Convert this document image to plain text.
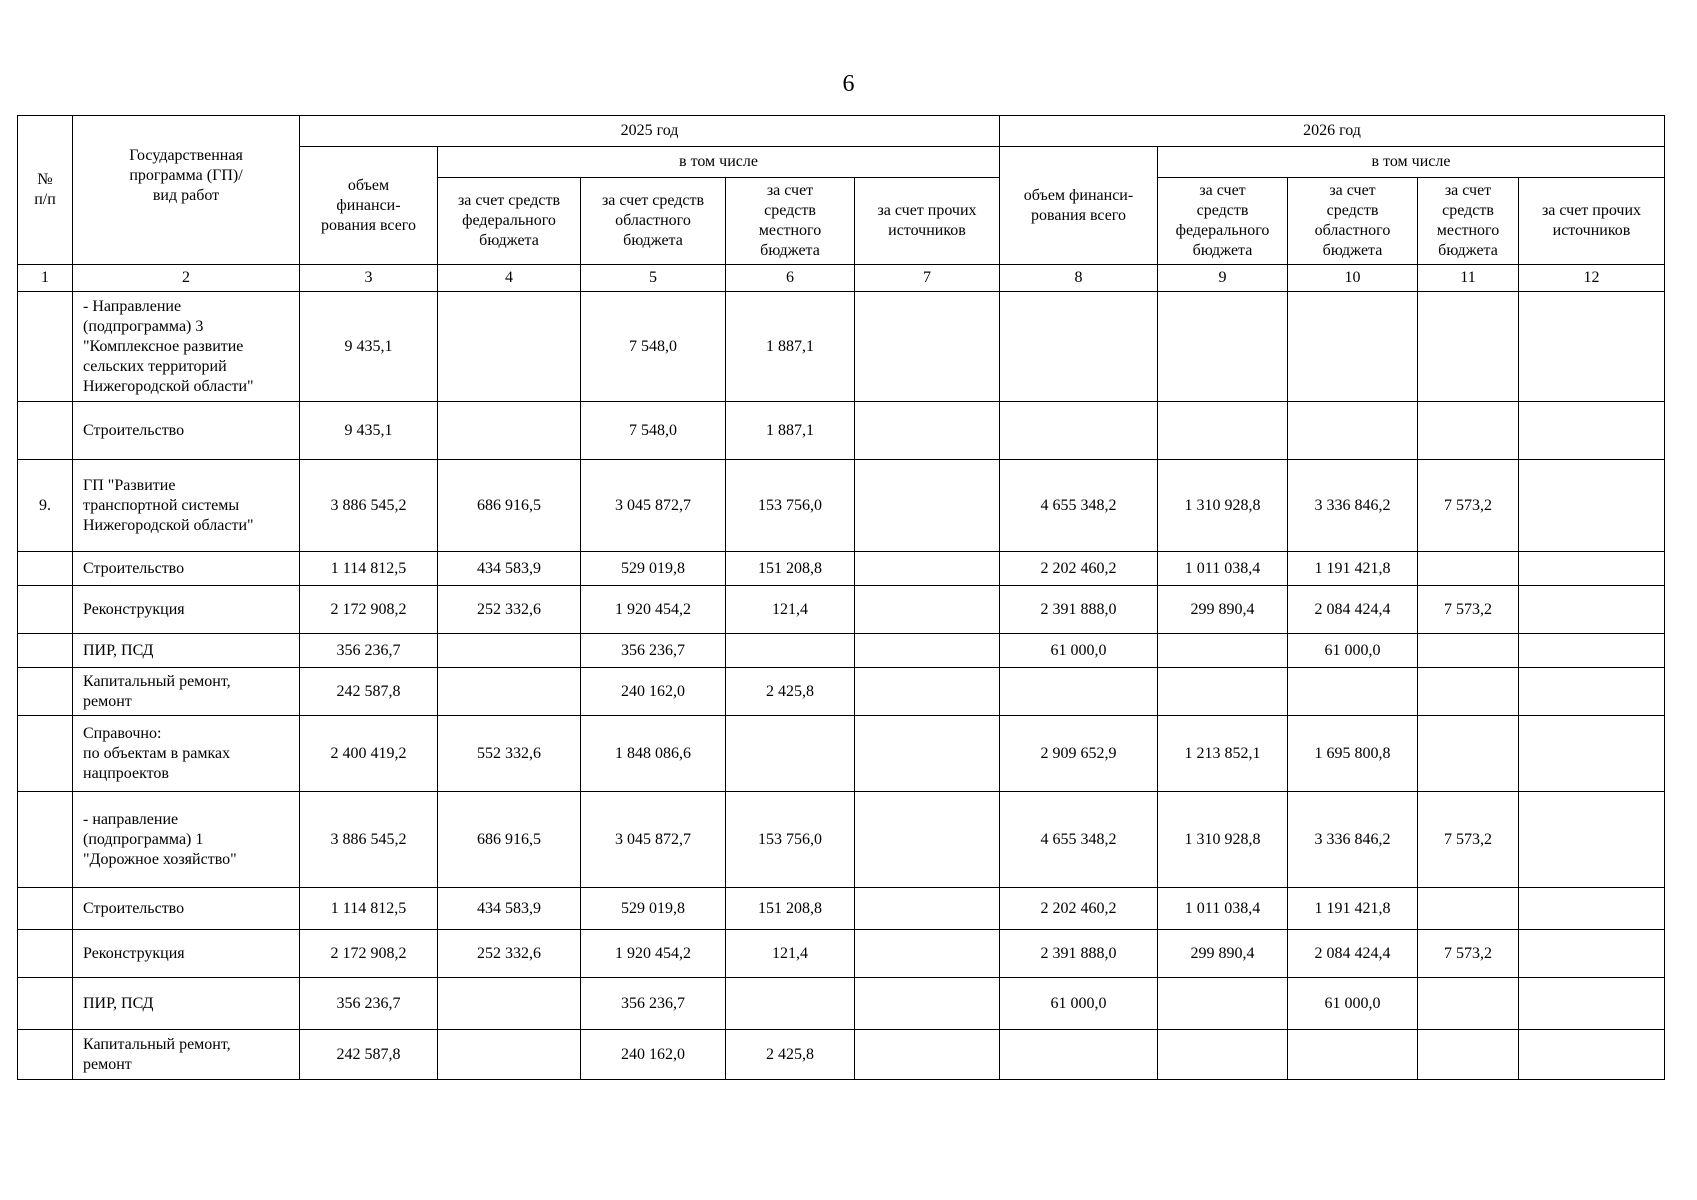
6
№
п/п	Государственная
программа (ГП)/
вид работ	2025 год					2026 год				
		объем
финанси-
рования всего	в том числе				объем финанси-
рования всего	в том числе			
			за счет средств
федерального
бюджета	за счет средств
областного
бюджета	за счет
средств
местного
бюджета	за счет прочих
источников		за счет
средств
федерального
бюджета	за счет
средств
областного
бюджета	за счет
средств
местного
бюджета	за счет прочих
источников
1	2	3	4	5	6	7	8	9	10	11	12
	- Направление
(подпрограмма) 3
"Комплексное развитие
сельских территорий
Нижегородской области"	9 435,1		7 548,0	1 887,1						
	Строительство	9 435,1		7 548,0	1 887,1						
9.	ГП "Развитие
транспортной системы
Нижегородской области"	3 886 545,2	686 916,5	3 045 872,7	153 756,0		4 655 348,2	1 310 928,8	3 336 846,2	7 573,2	
	Строительство	1 114 812,5	434 583,9	529 019,8	151 208,8		2 202 460,2	1 011 038,4	1 191 421,8		
	Реконструкция	2 172 908,2	252 332,6	1 920 454,2	121,4		2 391 888,0	299 890,4	2 084 424,4	7 573,2	
	ПИР, ПСД	356 236,7		356 236,7			61 000,0		61 000,0		
	Капитальный ремонт,
ремонт	242 587,8		240 162,0	2 425,8						
	Справочно:
по объектам в рамках
нацпроектов	2 400 419,2	552 332,6	1 848 086,6			2 909 652,9	1 213 852,1	1 695 800,8		
	- направление
(подпрограмма) 1
"Дорожное хозяйство"	3 886 545,2	686 916,5	3 045 872,7	153 756,0		4 655 348,2	1 310 928,8	3 336 846,2	7 573,2	
	Строительство	1 114 812,5	434 583,9	529 019,8	151 208,8		2 202 460,2	1 011 038,4	1 191 421,8		
	Реконструкция	2 172 908,2	252 332,6	1 920 454,2	121,4		2 391 888,0	299 890,4	2 084 424,4	7 573,2	
	ПИР, ПСД	356 236,7		356 236,7			61 000,0		61 000,0		
	Капитальный ремонт,
ремонт	242 587,8		240 162,0	2 425,8						
